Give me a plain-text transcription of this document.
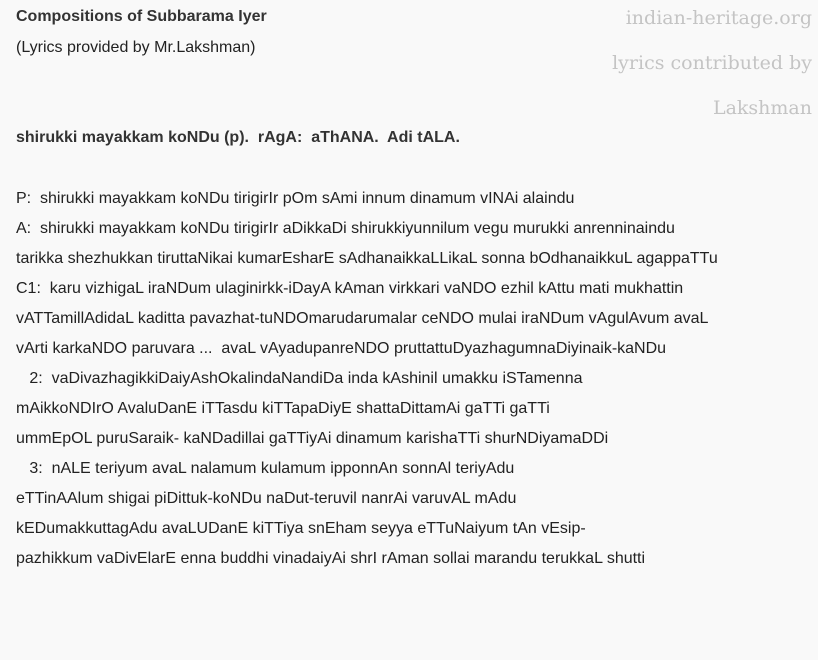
Compositions of Subbarama Iyer
(Lyrics provided by Mr.Lakshman)
indian-heritage.org
lyrics contributed by
Lakshman
shirukki mayakkam koNDu (p).  rAgA:  aThANA.  Adi tALA.
P:  shirukki mayakkam koNDu tirigirIr pOm sAmi innum dinamum vINAi alaindu
A:  shirukki mayakkam koNDu tirigirIr aDikkaDi shirukkiyunnilum vegu murukki anrenninaindu
tarikka shezhukkan tiruttaNikai kumarEsharE sAdhanaikkaLLikaL sonna bOdhanaikkuL agappaTTu
C1:  karu vizhigaL iraNDum ulaginirkk-iDayA kAman virkkari vaNDO ezhil kAttu mati mukhattin
vATTamillAdidaL kaditta pavazhat-tuNDOmarudarumalar ceNDO mulai iraNDum vAgulAvum avaL
vArti karkaNDO paruvara ...  avaL vAyadupanreNDO pruttattuDyazhagumnaDiyinaik-kaNDu
2:  vaDivazhagikkiDaiyAshOkalindaNandiDa inda kAshinil umakku iSTamenna
mAikkoNDIrO AvaluDanE iTTasdu kiTTapaDiyE shattaDittamAi gaTTi gaTTi
ummEpOL puruSaraik- kaNDadillai gaTTiyAi dinamum karishaTTi shurNDiyamaDDi
3:  nALE teriyum avaL nalamum kulamum ipponnAn sonnAl teriyAdu
eTTinAAlum shigai piDittuk-koNDu naDut-teruvil nanrAi varuvAL mAdu
kEDumakkuttagAdu avaLUDanE kiTTiya snEham seyya eTTuNaiyum tAn vEsip-
pazhikkum vaDivElarE enna buddhi vinadaiyAi shrI rAman sollai marandu terukkaL shutti
